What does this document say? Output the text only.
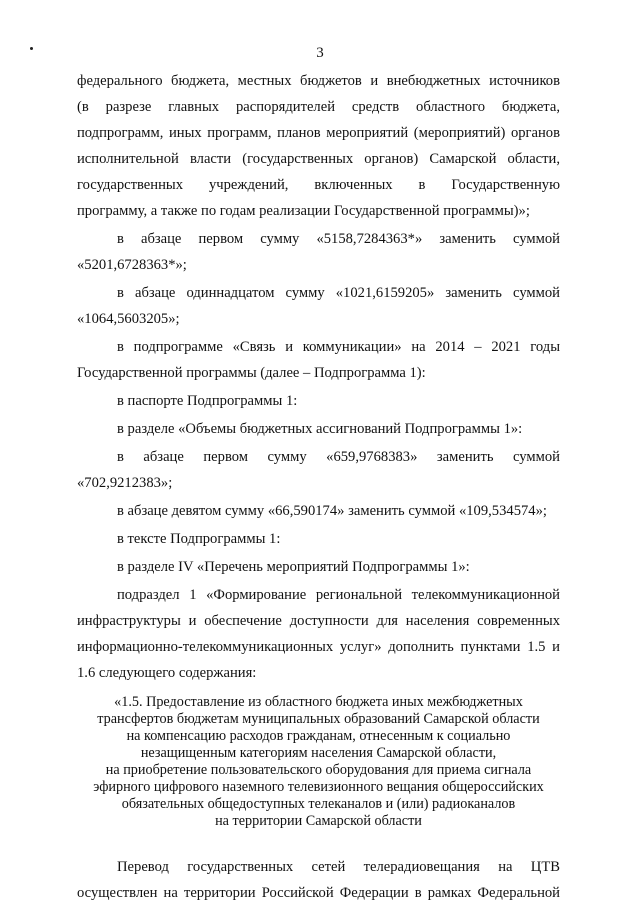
3

федерального бюджета, местных бюджетов и внебюджетных источников

(в разрезе главных распорядителей средств областного бюджета,

подпрограмм, иных программ, планов мероприятий (мероприятий) органов

исполнительной власти (государственных органов) Самарской области,

государственных учреждений, включенных в Государственную

программу, а также по годам реализации Государственной программы)»;

в абзаце первом сумму «5158,7284363*» заменить суммой

«5201,6728363*»;

в абзаце одиннадцатом сумму «1021,6159205» заменить суммой

«1064,5603205»;

в подпрограмме «Связь и коммуникации» на 2014 – 2021 годы

Государственной программы (далее – Подпрограмма 1):

в паспорте Подпрограммы 1:

в разделе «Объемы бюджетных ассигнований Подпрограммы 1»:

в абзаце первом сумму «659,9768383» заменить суммой

«702,9212383»;

в абзаце девятом сумму «66,590174» заменить суммой «109,534574»;

в тексте Подпрограммы 1:

в разделе IV «Перечень мероприятий Подпрограммы 1»:

подраздел 1 «Формирование региональной телекоммуникационной

инфраструктуры и обеспечение доступности для населения современных

информационно-телекоммуникационных услуг» дополнить пунктами 1.5 и

1.6 следующего содержания:

«1.5. Предоставление из областного бюджета иных межбюджетных
трансфертов бюджетам муниципальных образований Самарской области
на компенсацию расходов гражданам, отнесенным к социально
незащищенным категориям населения Самарской области,
на приобретение пользовательского оборудования для приема сигнала
эфирного цифрового наземного телевизионного вещания общероссийских
обязательных общедоступных телеканалов и (или) радиоканалов
на территории Самарской области

Перевод государственных сетей телерадиовещания на ЦТВ

осуществлен на территории Российской Федерации в рамках Федеральной
